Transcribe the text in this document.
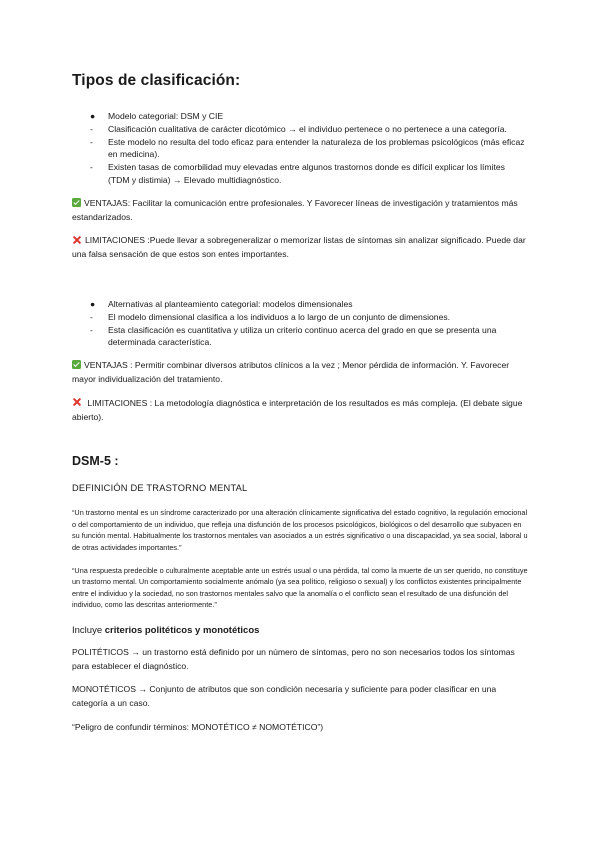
Tipos de clasificación:
●	Modelo categorial: DSM y CIE
-	Clasificación cualitativa de carácter dicotómico → el individuo pertenece o no pertenece a una categoría.
-	Este modelo no resulta del todo eficaz para entender la naturaleza de los problemas psicológicos (más eficaz en medicina).
-	Existen tasas de comorbilidad muy elevadas entre algunos trastornos donde es difícil explicar los límites (TDM y distimia) → Elevado multidiagnóstico.

VENTAJAS: Facilitar la comunicación entre profesionales. Y Favorecer líneas de investigación y tratamientos más estandarizados.

LIMITACIONES :Puede llevar a sobregeneralizar o memorizar listas de síntomas sin analizar significado. Puede dar una falsa sensación de que estos son entes importantes.

●	Alternativas al planteamiento categorial: modelos dimensionales
-	El modelo dimensional clasifica a los individuos a lo largo de un conjunto de dimensiones.
-	Esta clasificación es cuantitativa y utiliza un criterio continuo acerca del grado en que se presenta una determinada característica.

VENTAJAS : Permitir combinar diversos atributos clínicos a la vez ; Menor pérdida de información. Y. Favorecer mayor individualización del tratamiento.

LIMITACIONES : La metodología diagnóstica e interpretación de los resultados es más compleja. (El debate sigue abierto).

DSM-5 :

DEFINICIÓN DE TRASTORNO MENTAL

“Un trastorno mental es un síndrome caracterizado por una alteración clínicamente significativa del estado cognitivo, la regulación emocional o del comportamiento de un individuo, que refleja una disfunción de los procesos psicológicos, biológicos o del desarrollo que subyacen en su función mental. Habitualmente los trastornos mentales van asociados a un estrés significativo o una discapacidad, ya sea social, laboral u de otras actividades importantes.”

“Una respuesta predecible o culturalmente aceptable ante un estrés usual o una pérdida, tal como la muerte de un ser querido, no constituye un trastorno mental. Un comportamiento socialmente anómalo (ya sea político, religioso o sexual) y los conflictos existentes principalmente entre el individuo y la sociedad, no son trastornos mentales salvo que la anomalía o el conflicto sean el resultado de una disfunción del individuo, como las descritas anteriormente.”

Incluye criterios politéticos y monotéticos

POLITÉTICOS → un trastorno está definido por un número de síntomas, pero no son necesarios todos los síntomas para establecer el diagnóstico.

MONOTÉTICOS → Conjunto de atributos que son condición necesaria y suficiente para poder clasificar en una categoría a un caso.

“Peligro de confundir términos: MONOTÉTICO ≠ NOMOTÉTICO”)
